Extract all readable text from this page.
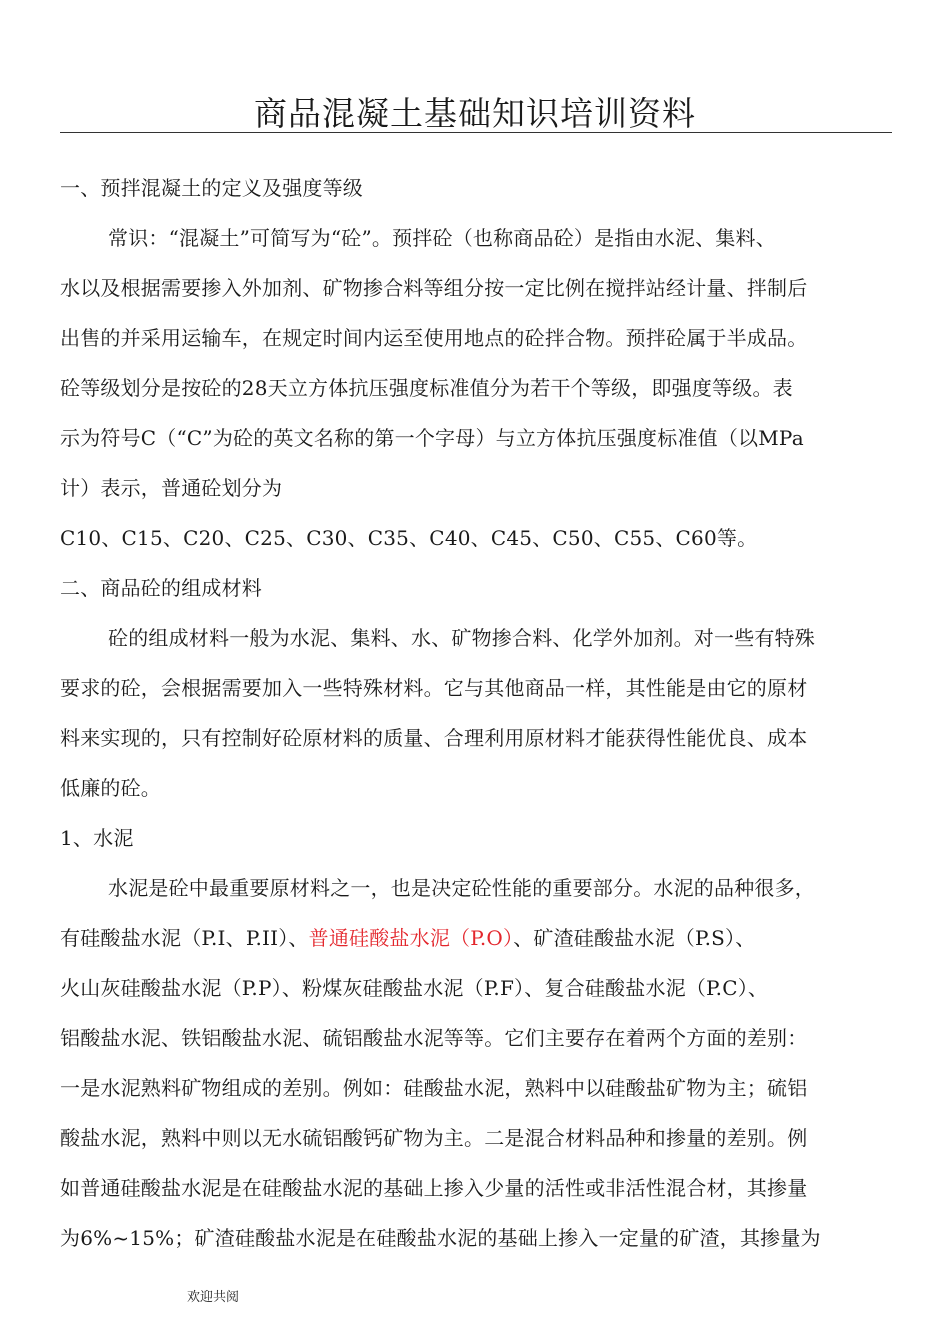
商品混凝土基础知识培训资料
一、预拌混凝土的定义及强度等级
常识：“混凝土”可简写为“砼”。预拌砼（也称商品砼）是指由水泥、集料、
水以及根据需要掺入外加剂、矿物掺合料等组分按一定比例在搅拌站经计量、拌制后
出售的并采用运输车，在规定时间内运至使用地点的砼拌合物。预拌砼属于半成品。
砼等级划分是按砼的28天立方体抗压强度标准值分为若干个等级，即强度等级。表
示为符号C（“C”为砼的英文名称的第一个字母）与立方体抗压强度标准值（以MPa
计）表示，普通砼划分为
C10、C15、C20、C25、C30、C35、C40、C45、C50、C55、C60等。
二、商品砼的组成材料
砼的组成材料一般为水泥、集料、水、矿物掺合料、化学外加剂。对一些有特殊
要求的砼，会根据需要加入一些特殊材料。它与其他商品一样，其性能是由它的原材
料来实现的，只有控制好砼原材料的质量、合理利用原材料才能获得性能优良、成本
低廉的砼。
1、水泥
水泥是砼中最重要原材料之一，也是决定砼性能的重要部分。水泥的品种很多，
有硅酸盐水泥（P.I、P.II）、普通硅酸盐水泥（P.O）、矿渣硅酸盐水泥（P.S）、
火山灰硅酸盐水泥（P.P）、粉煤灰硅酸盐水泥（P.F）、复合硅酸盐水泥（P.C）、
铝酸盐水泥、铁铝酸盐水泥、硫铝酸盐水泥等等。它们主要存在着两个方面的差别：
一是水泥熟料矿物组成的差别。例如：硅酸盐水泥，熟料中以硅酸盐矿物为主；硫铝
酸盐水泥，熟料中则以无水硫铝酸钙矿物为主。二是混合材料品种和掺量的差别。例
如普通硅酸盐水泥是在硅酸盐水泥的基础上掺入少量的活性或非活性混合材，其掺量
为6%~15%；矿渣硅酸盐水泥是在硅酸盐水泥的基础上掺入一定量的矿渣，其掺量为
欢迎共阅
